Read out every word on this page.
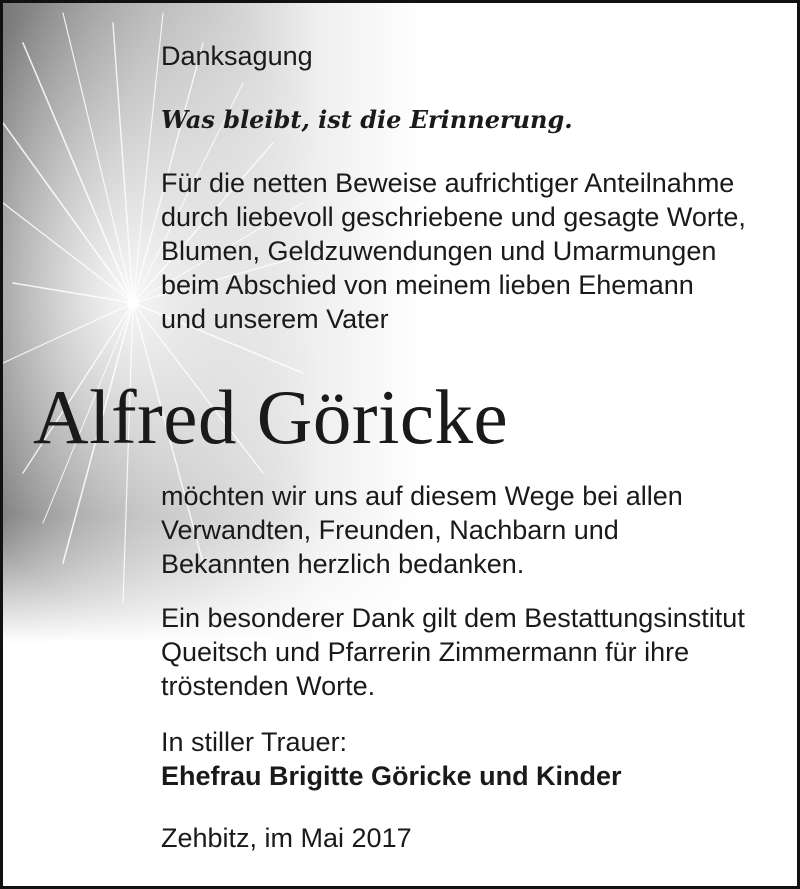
Danksagung
Was bleibt, ist die Erinnerung.
Für die netten Beweise aufrichtiger Anteilnahme
durch liebevoll geschriebene und gesagte Worte,
Blumen, Geldzuwendungen und Umarmungen
beim Abschied von meinem lieben Ehemann
und unserem Vater
Alfred Göricke
möchten wir uns auf diesem Wege bei allen
Verwandten, Freunden, Nachbarn und
Bekannten herzlich bedanken.
Ein besonderer Dank gilt dem Bestattungsinstitut
Queitsch und Pfarrerin Zimmermann für ihre
tröstenden Worte.
In stiller Trauer:
Ehefrau Brigitte Göricke und Kinder
Zehbitz, im Mai 2017
